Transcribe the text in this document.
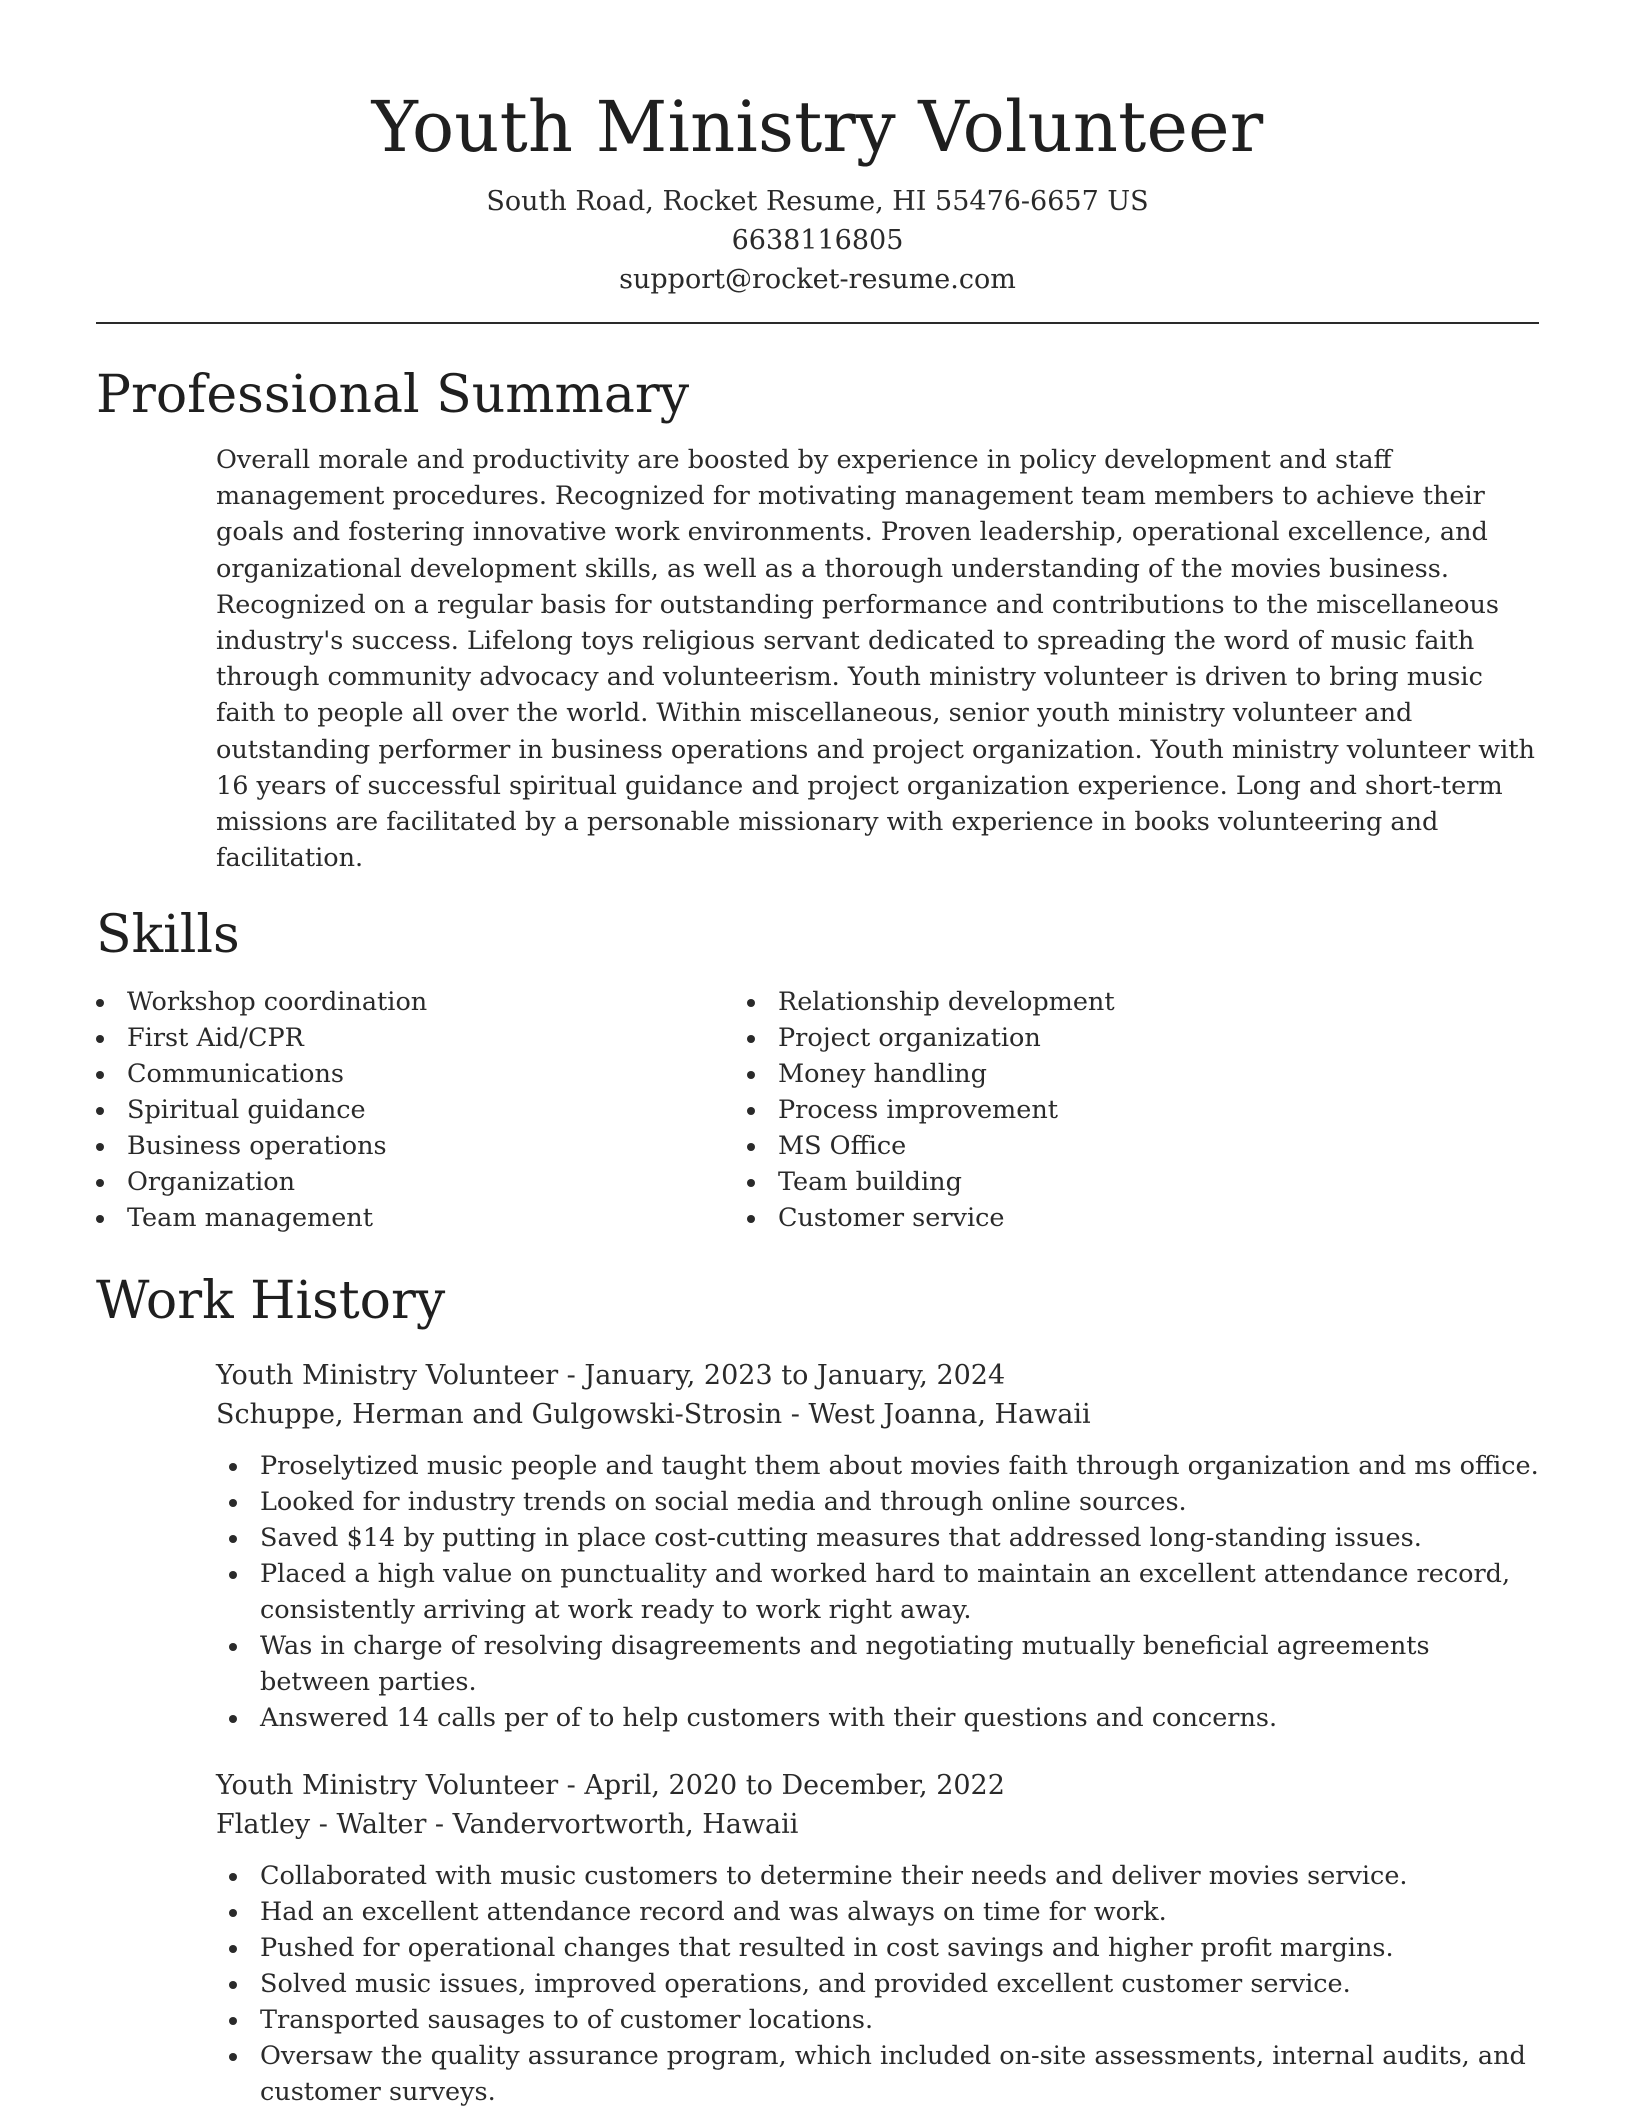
Youth Ministry Volunteer
South Road, Rocket Resume, HI 55476-6657 US
6638116805
support@rocket-resume.com
Professional Summary
Overall morale and productivity are boosted by experience in policy development and staff management procedures. Recognized for motivating management team members to achieve their goals and fostering innovative work environments. Proven leadership, operational excellence, and organizational development skills, as well as a thorough understanding of the movies business. Recognized on a regular basis for outstanding performance and contributions to the miscellaneous industry's success. Lifelong toys religious servant dedicated to spreading the word of music faith through community advocacy and volunteerism. Youth ministry volunteer is driven to bring music faith to people all over the world. Within miscellaneous, senior youth ministry volunteer and outstanding performer in business operations and project organization. Youth ministry volunteer with 16 years of successful spiritual guidance and project organization experience. Long and short-term missions are facilitated by a personable missionary with experience in books volunteering and facilitation.
Skills
Workshop coordination
First Aid/CPR
Communications
Spiritual guidance
Business operations
Organization
Team management
Relationship development
Project organization
Money handling
Process improvement
MS Office
Team building
Customer service
Work History
Youth Ministry Volunteer - January, 2023 to January, 2024
Schuppe, Herman and Gulgowski-Strosin - West Joanna, Hawaii
Proselytized music people and taught them about movies faith through organization and ms office.
Looked for industry trends on social media and through online sources.
Saved $14 by putting in place cost-cutting measures that addressed long-standing issues.
Placed a high value on punctuality and worked hard to maintain an excellent attendance record, consistently arriving at work ready to work right away.
Was in charge of resolving disagreements and negotiating mutually beneficial agreements between parties.
Answered 14 calls per of to help customers with their questions and concerns.
Youth Ministry Volunteer - April, 2020 to December, 2022
Flatley - Walter - Vandervortworth, Hawaii
Collaborated with music customers to determine their needs and deliver movies service.
Had an excellent attendance record and was always on time for work.
Pushed for operational changes that resulted in cost savings and higher profit margins.
Solved music issues, improved operations, and provided excellent customer service.
Transported sausages to of customer locations.
Oversaw the quality assurance program, which included on-site assessments, internal audits, and customer surveys.
